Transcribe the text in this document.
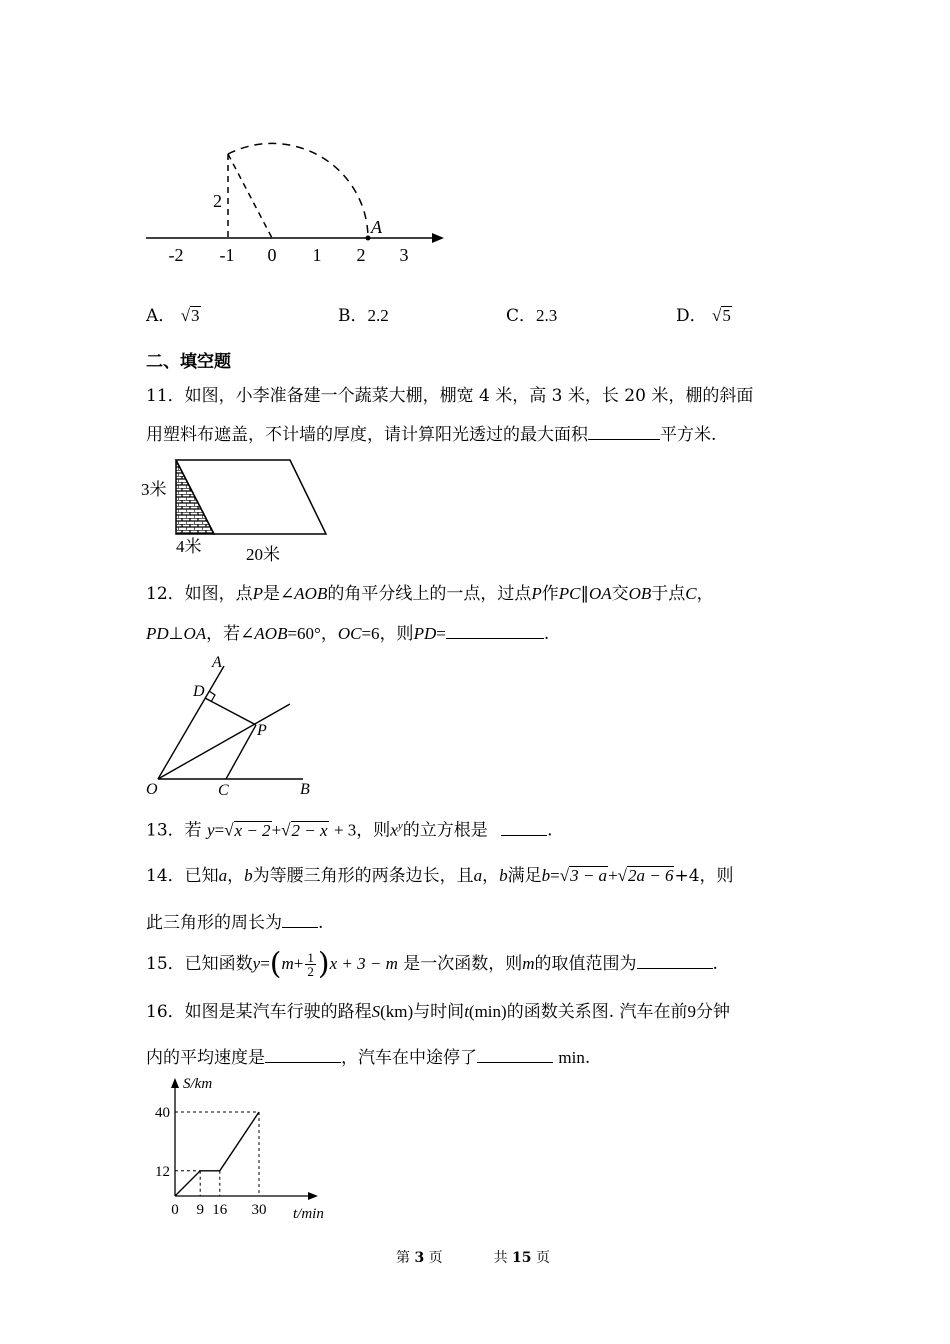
-2 -1 0 1 2 3
2
A
A． √3	B．2.2	C．2.3	D． √5
二、填空题
11．如图，小李准备建一个蔬菜大棚，棚宽 4 米，高 3 米，长 20 米，棚的斜面
用塑料布遮盖，不计墙的厚度，请计算阳光透过的最大面积	平方米.
3米
4米	20米
12．如图，点P是∠AOB的角平分线上的一点，过点P作PC∥OA交OB于点C，
PD⊥OA，若∠AOB=60°，OC=6，则PD=	.
A
D
P
O	C	B
13．若 y=√x − 2+√2 − x + 3，则$x^y$的立方根是	.
14．已知a，b为等腰三角形的两条边长，且a，b满足b=√3 − a+√2a − 6+4，则
此三角形的周长为 .
15．已知函数$y=(m+ \frac{1}{2} )x + 3 - m$ 是一次函数，则m的取值范围为	.
16．如图是某汽车行驶的路程S(km)与时间t(min)的函数关系图. 汽车在前9分钟
内的平均速度是	，汽车在中途停了	min.
0 9 16 30
12
40
t/min
S/km
第 3 页	共 15 页
